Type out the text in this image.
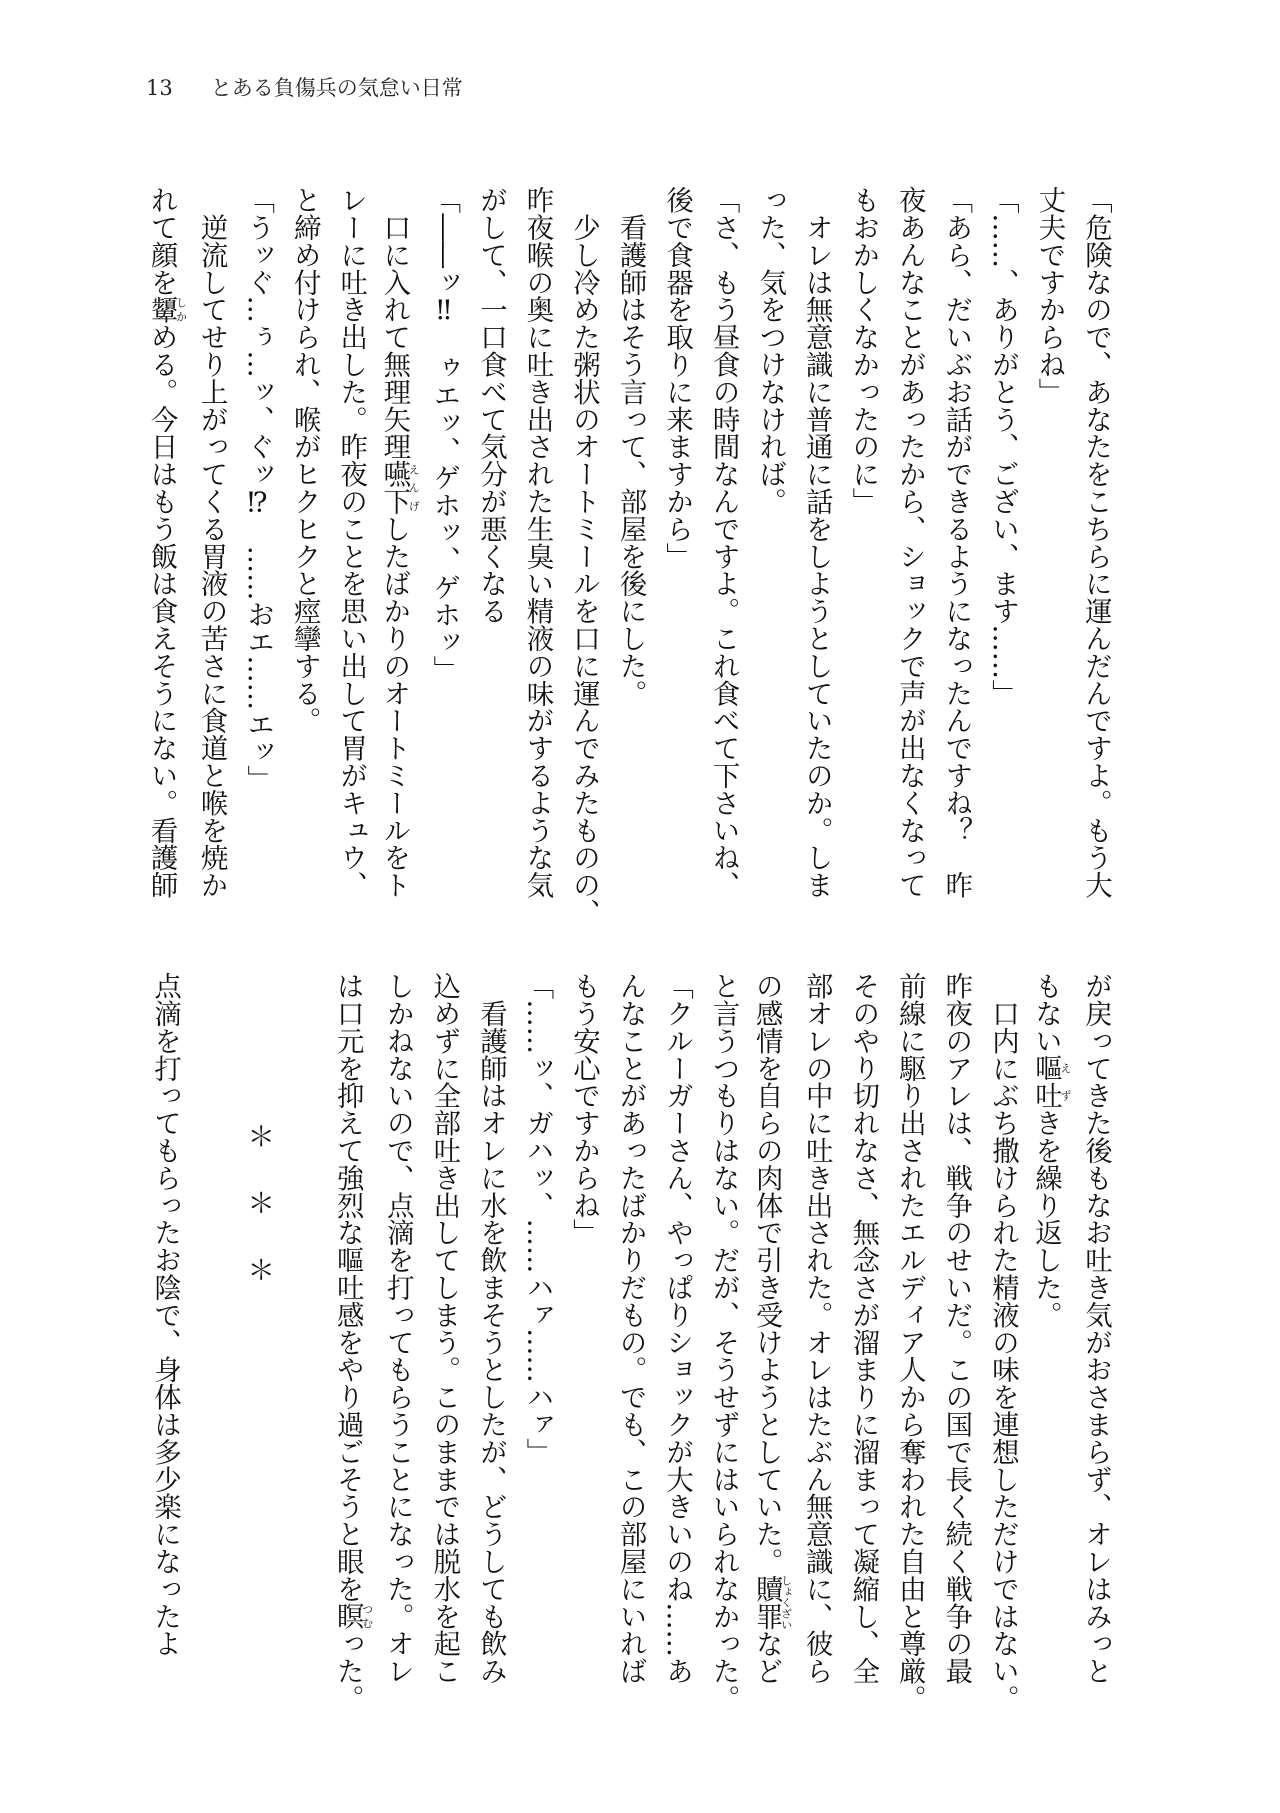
13 とある負傷兵の気怠い日常
「危険なので、あなたをこちらに運んだんですよ。もう大
丈夫ですからね」
「……、ありがとう、ござい、ます……」
「あら、だいぶお話ができるようになったんですね？　昨
夜あんなことがあったから、ショックで声が出なくなって
もおかしくなかったのに」
　オレは無意識に普通に話をしようとしていたのか。しま
った、気をつけなければ。
「さ、もう昼食の時間なんですよ。これ食べて下さいね、
後で食器を取りに来ますから」
　看護師はそう言って、部屋を後にした。
　少し冷めた粥状のオートミールを口に運んでみたものの、
昨夜喉の奥に吐き出された生臭い精液の味がするような気
がして、一口食べて気分が悪くなる
「――ッ‼　ゥエッ、ゲホッ、ゲホッ」
　口に入れて無理矢理嚥下えんげしたばかりのオートミールをト
レーに吐き出した。昨夜のことを思い出して胃がキュウ、
と締め付けられ、喉がヒクヒクと痙攣する。
「うッぐ…ぅ…ッ、ぐッ⁉　……おエ……エッ」
　逆流してせり上がってくる胃液の苦さに食道と喉を焼か
れて顔を顰しかめる。今日はもう飯は食えそうにない。看護師
が戻ってきた後もなお吐き気がおさまらず、オレはみっと
もない嘔吐えずきを繰り返した。
　口内にぶち撒けられた精液の味を連想しただけではない。
昨夜のアレは、戦争のせいだ。この国で長く続く戦争の最
前線に駆り出されたエルディア人から奪われた自由と尊厳。
そのやり切れなさ、無念さが溜まりに溜まって凝縮し、全
部オレの中に吐き出された。オレはたぶん無意識に、彼ら
の感情を自らの肉体で引き受けようとしていた。贖罪しょくざいなど
と言うつもりはない。だが、そうせずにはいられなかった。
「クルーガーさん、やっぱりショックが大きいのね……あ
んなことがあったばかりだもの。でも、この部屋にいれば
もう安心ですからね」
「……ッ、ガハッ、……ハァ……ハァ」
　看護師はオレに水を飲まそうとしたが、どうしても飲み
込めずに全部吐き出してしまう。このままでは脱水を起こ
しかねないので、点滴を打ってもらうことになった。オレ
は口元を抑えて強烈な嘔吐感をやり過ごそうと眼を瞑つむった。
＊　＊　＊
点滴を打ってもらったお陰で、身体は多少楽になったよ
